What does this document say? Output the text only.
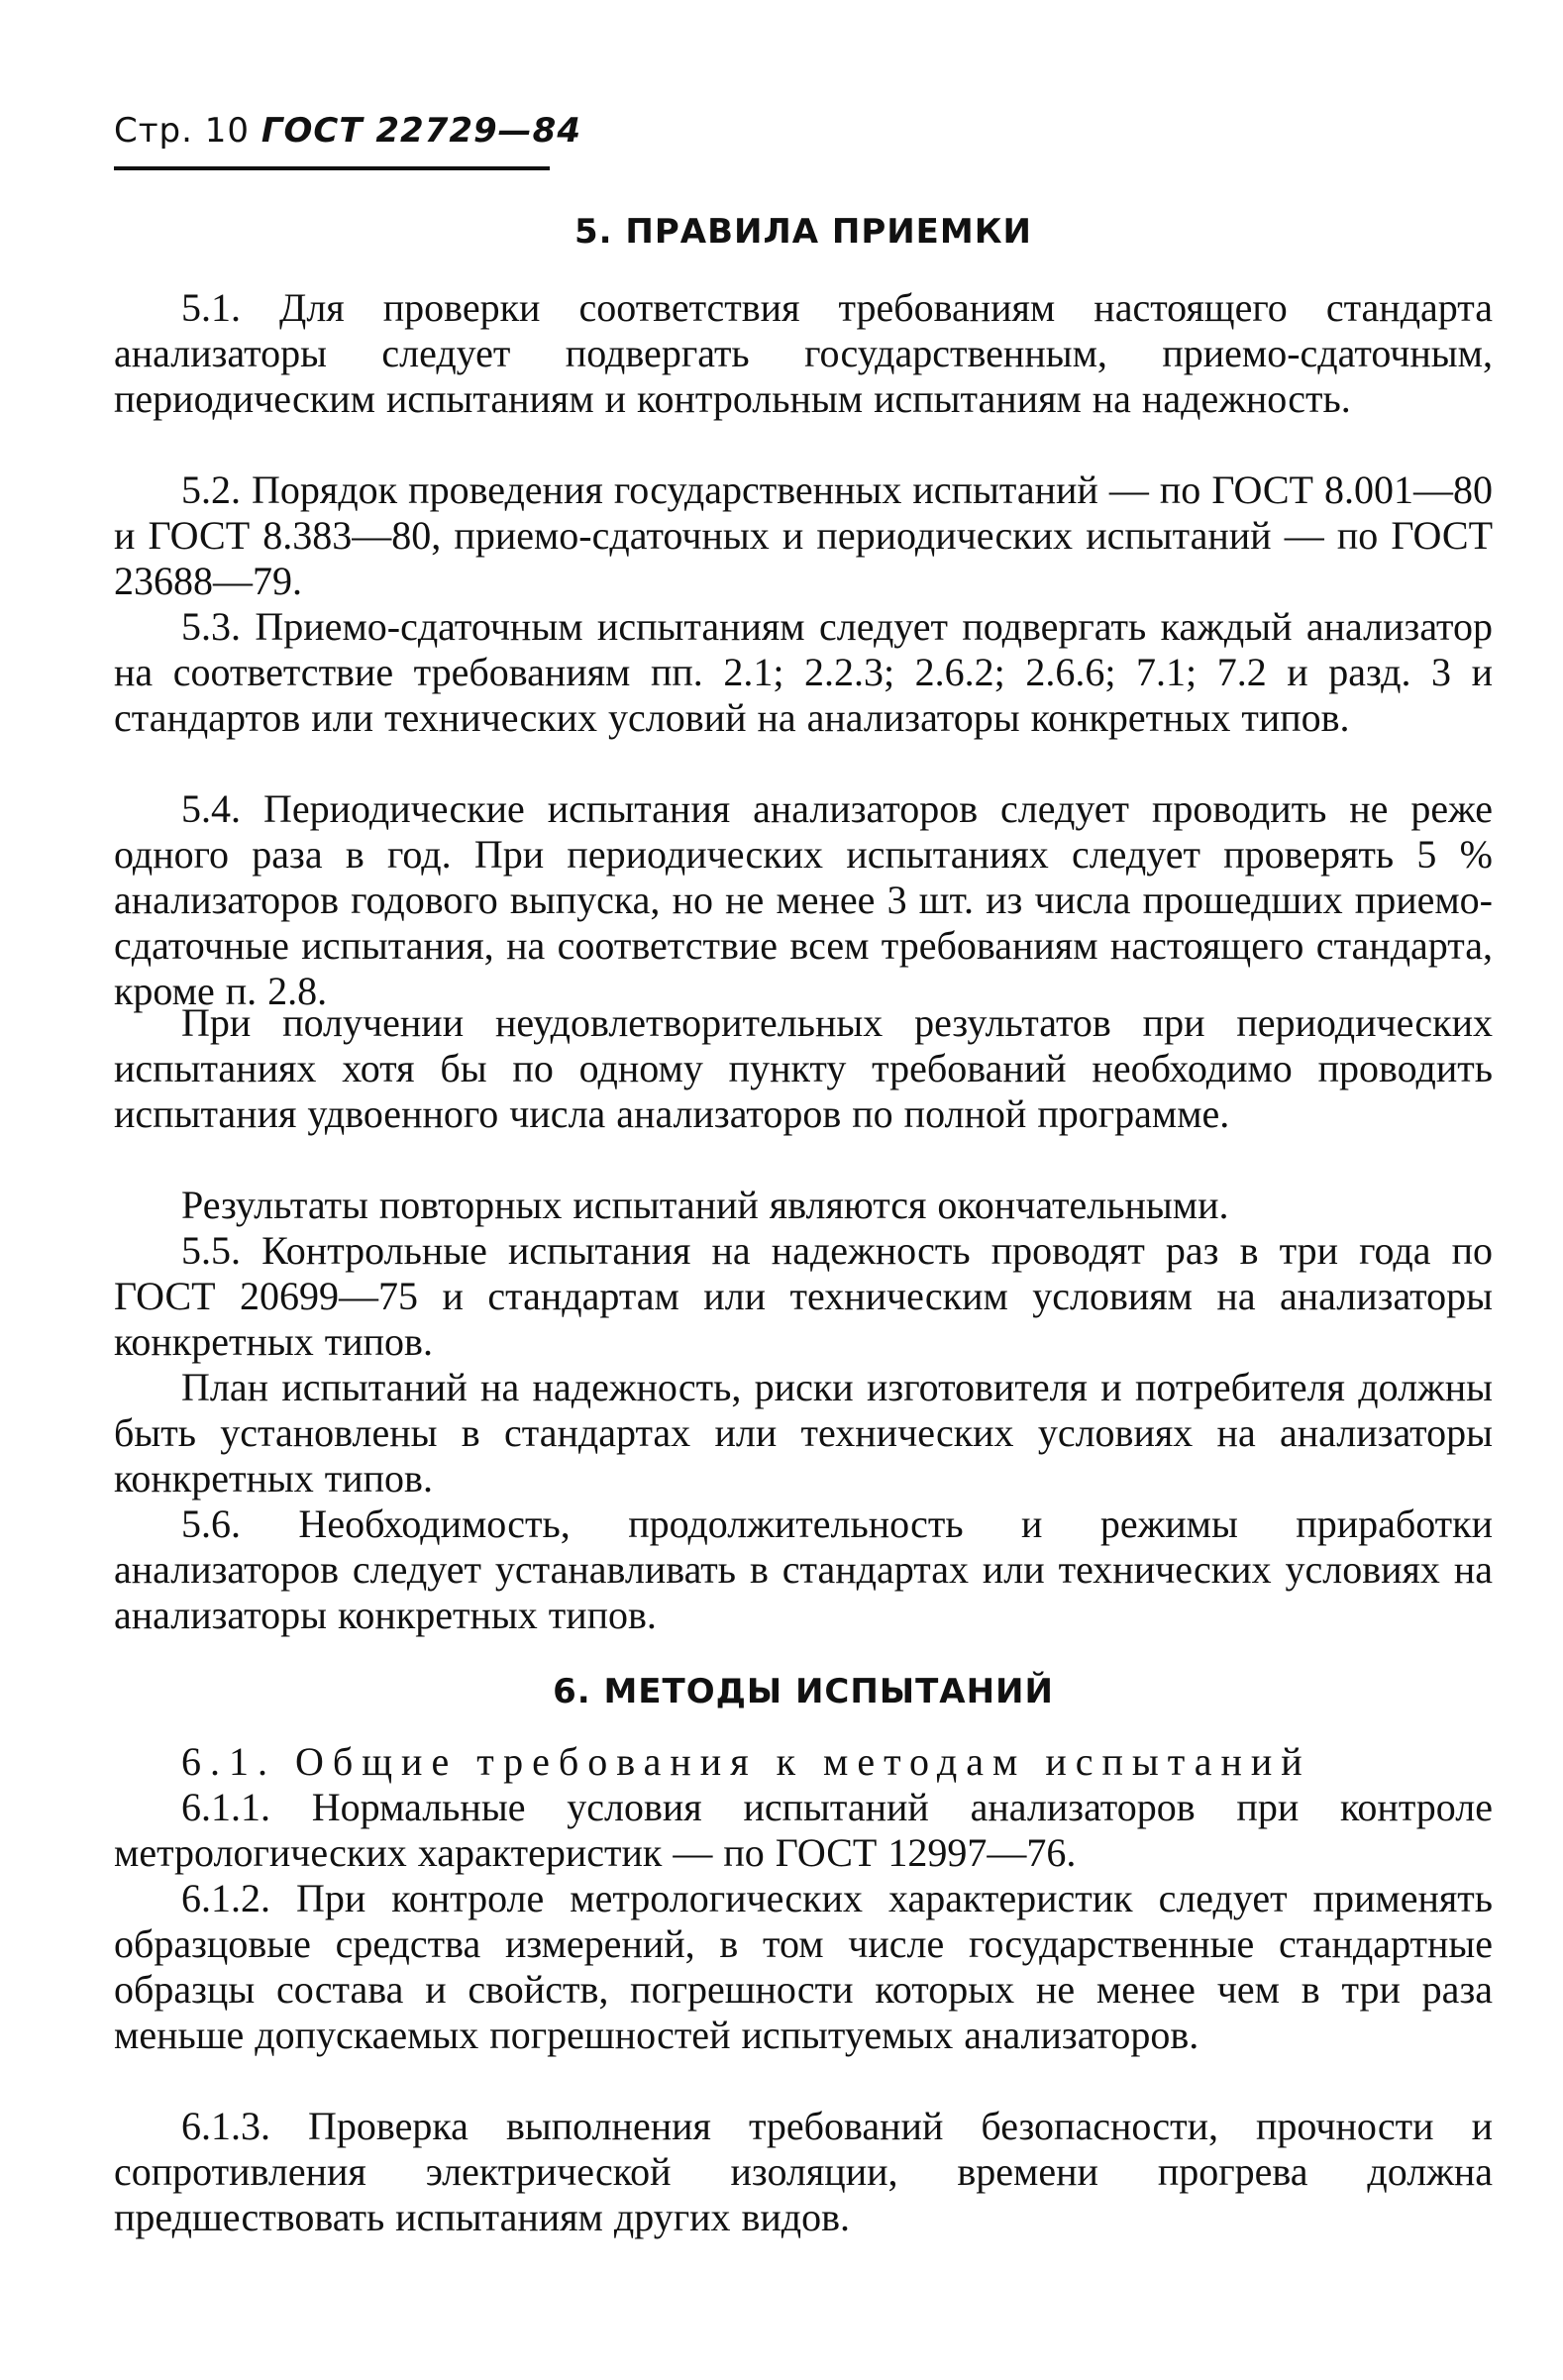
Стр. 10 ГОСТ 22729—84
5. ПРАВИЛА ПРИЕМКИ
5.1. Для проверки соответствия требованиям настоящего стандарта анализаторы следует подвергать государственным, приемо-сдаточным, периодическим испытаниям и контрольным испытаниям на надежность.
5.2. Порядок проведения государственных испытаний — по ГОСТ 8.001—80 и ГОСТ 8.383—80, приемо-сдаточных и периодических испытаний — по ГОСТ 23688—79.
5.3. Приемо-сдаточным испытаниям следует подвергать каждый анализатор на соответствие требованиям пп. 2.1; 2.2.3; 2.6.2; 2.6.6; 7.1; 7.2 и разд. 3 и стандартов или технических условий на анализаторы конкретных типов.
5.4. Периодические испытания анализаторов следует проводить не реже одного раза в год. При периодических испытаниях следует проверять 5 % анализаторов годового выпуска, но не менее 3 шт. из числа прошедших приемо-сдаточные испытания, на соответствие всем требованиям настоящего стандарта, кроме п. 2.8.
При получении неудовлетворительных результатов при периодических испытаниях хотя бы по одному пункту требований необходимо проводить испытания удвоенного числа анализаторов по полной программе.
Результаты повторных испытаний являются окончательными.
5.5. Контрольные испытания на надежность проводят раз в три года по ГОСТ 20699—75 и стандартам или техническим условиям на анализаторы конкретных типов.
План испытаний на надежность, риски изготовителя и потребителя должны быть установлены в стандартах или технических условиях на анализаторы конкретных типов.
5.6. Необходимость, продолжительность и режимы приработки анализаторов следует устанавливать в стандартах или технических условиях на анализаторы конкретных типов.
6. МЕТОДЫ ИСПЫТАНИЙ
6.1. Общие требования к методам испытаний
6.1.1. Нормальные условия испытаний анализаторов при контроле метрологических характеристик — по ГОСТ 12997—76.
6.1.2. При контроле метрологических характеристик следует применять образцовые средства измерений, в том числе государственные стандартные образцы состава и свойств, погрешности которых не менее чем в три раза меньше допускаемых погрешностей испытуемых анализаторов.
6.1.3. Проверка выполнения требований безопасности, прочности и сопротивления электрической изоляции, времени прогрева должна предшествовать испытаниям других видов.
